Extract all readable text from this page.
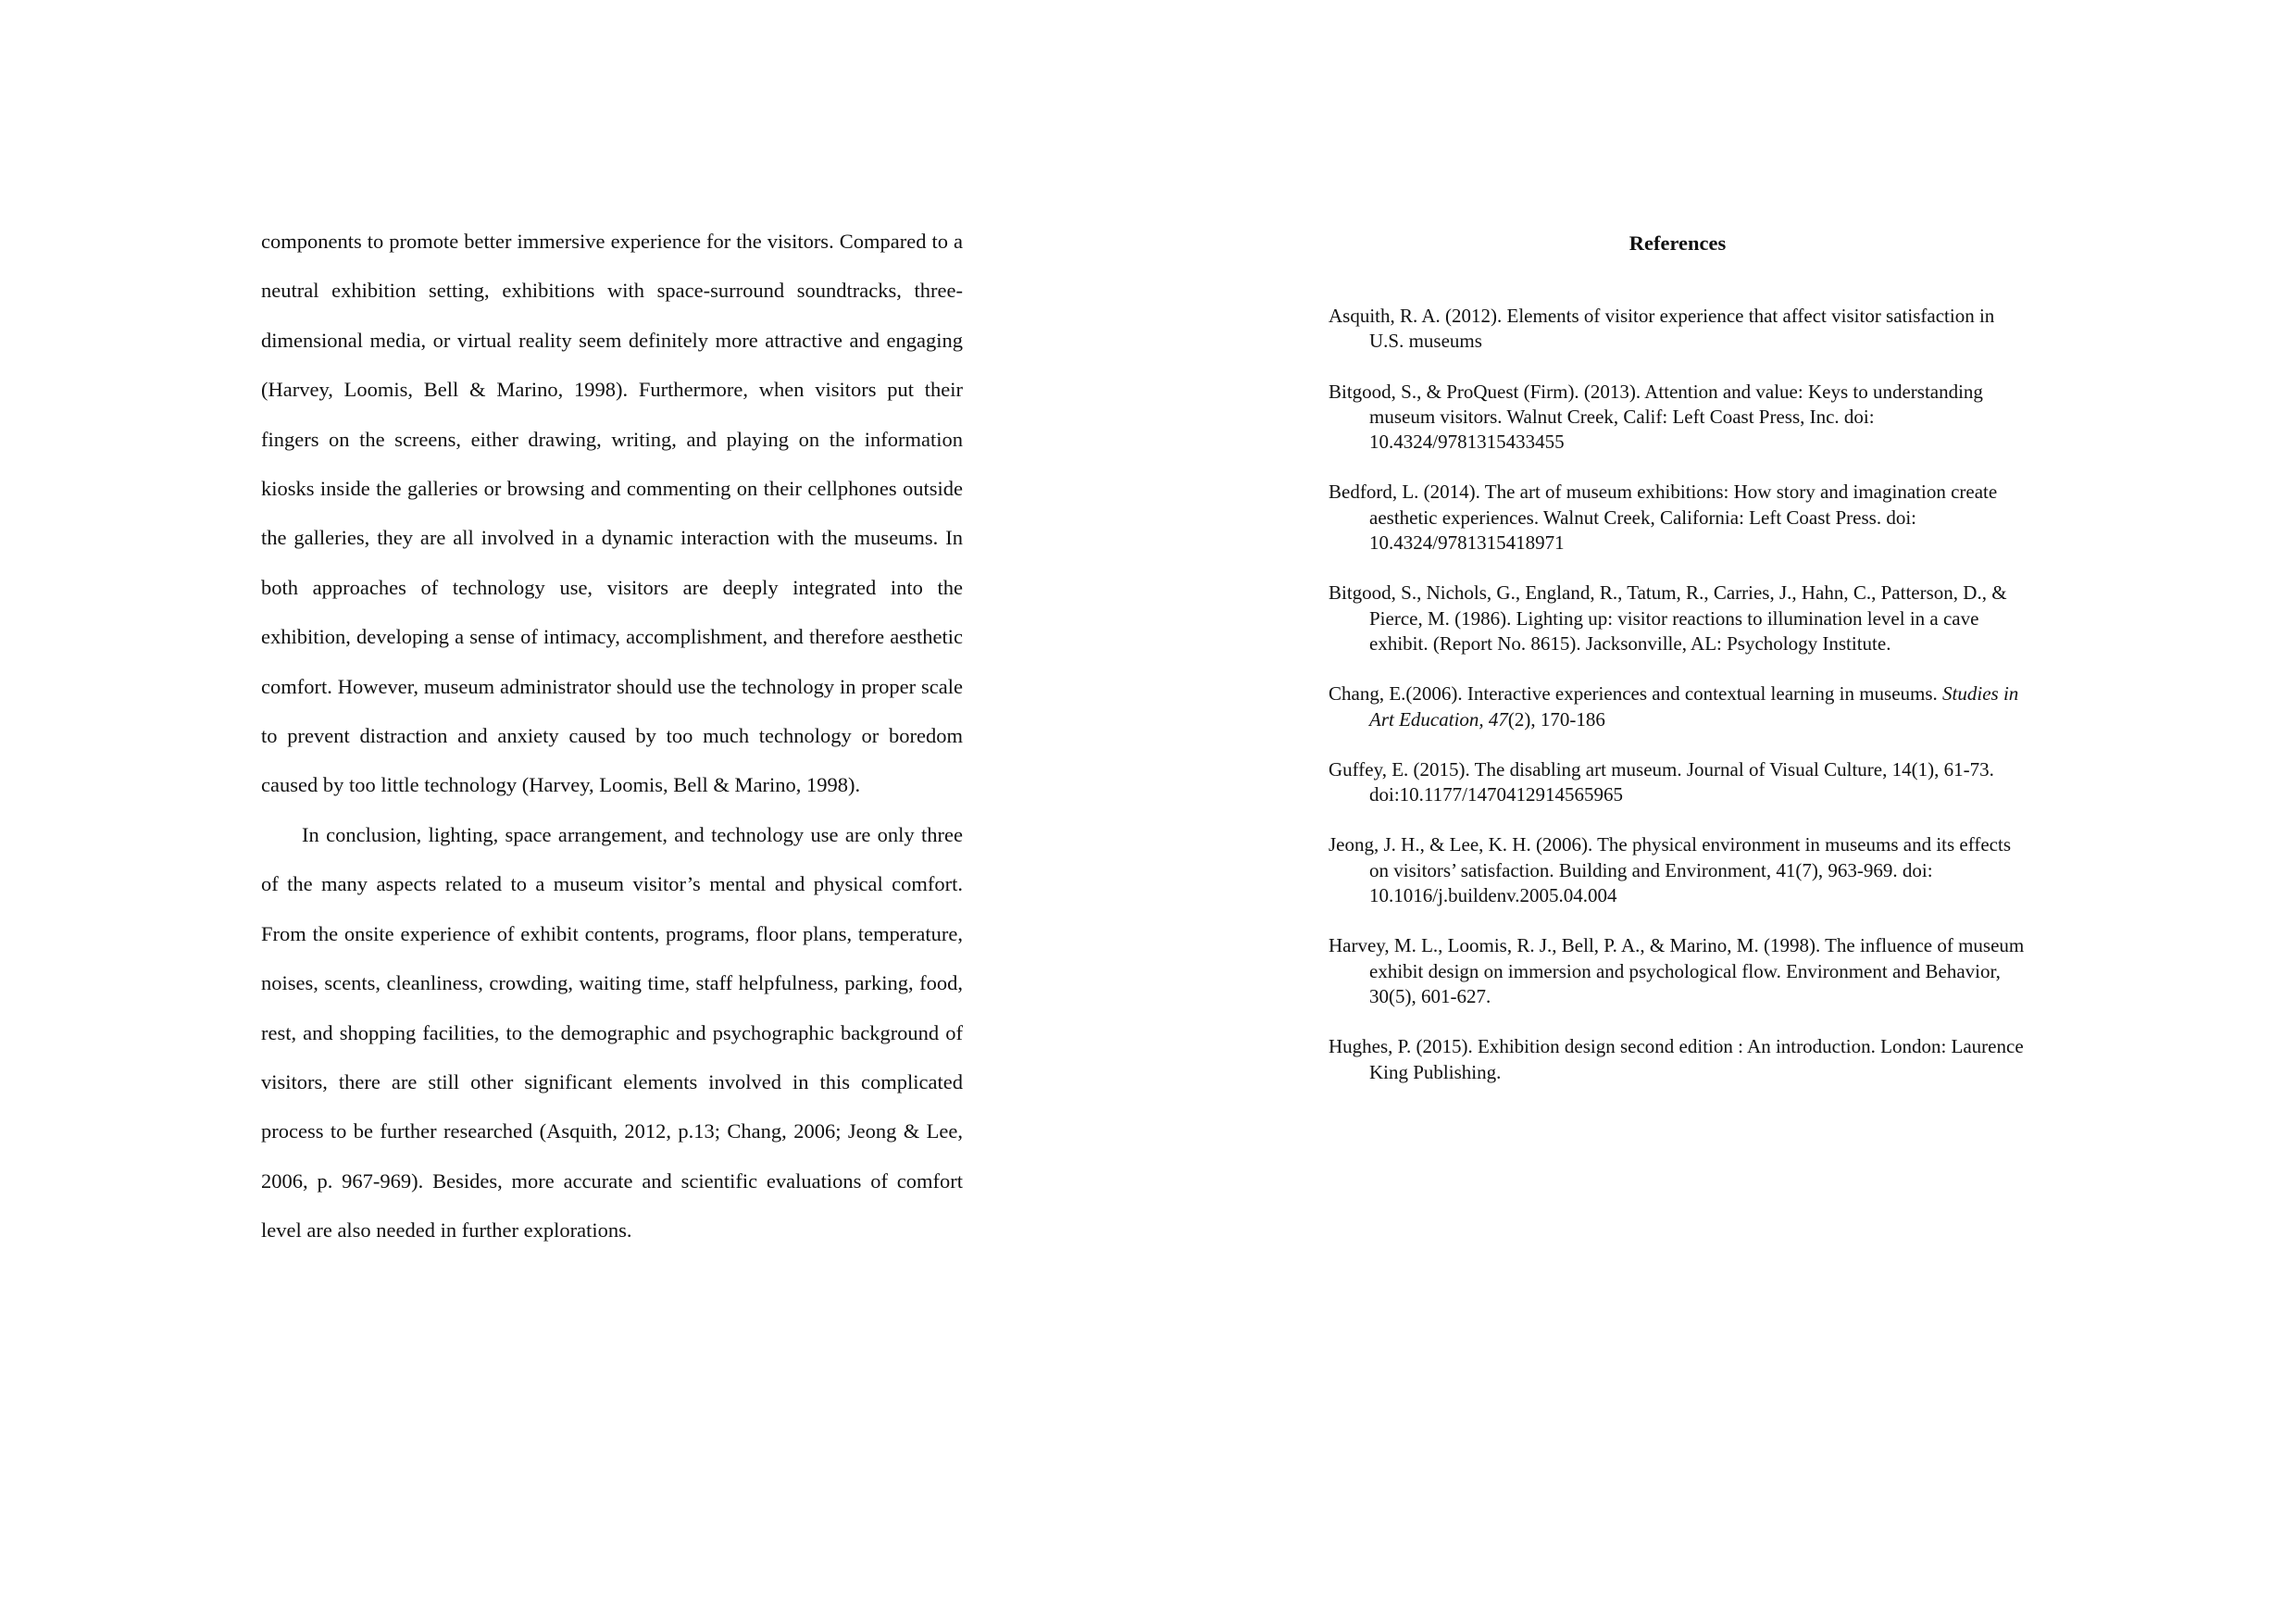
components to promote better immersive experience for the visitors. Compared to a neutral exhibition setting, exhibitions with space-surround soundtracks, three-dimensional media, or virtual reality seem definitely more attractive and engaging (Harvey, Loomis, Bell & Marino, 1998). Furthermore, when visitors put their fingers on the screens, either drawing, writing, and playing on the information kiosks inside the galleries or browsing and commenting on their cellphones outside the galleries, they are all involved in a dynamic interaction with the museums. In both approaches of technology use, visitors are deeply integrated into the exhibition, developing a sense of intimacy, accomplishment, and therefore aesthetic comfort. However, museum administrator should use the technology in proper scale to prevent distraction and anxiety caused by too much technology or boredom caused by too little technology (Harvey, Loomis, Bell & Marino, 1998).

In conclusion, lighting, space arrangement, and technology use are only three of the many aspects related to a museum visitor’s mental and physical comfort. From the onsite experience of exhibit contents, programs, floor plans, temperature, noises, scents, cleanliness, crowding, waiting time, staff helpfulness, parking, food, rest, and shopping facilities, to the demographic and psychographic background of visitors, there are still other significant elements involved in this complicated process to be further researched (Asquith, 2012, p.13; Chang, 2006; Jeong & Lee, 2006, p. 967-969). Besides, more accurate and scientific evaluations of comfort level are also needed in further explorations.

References
Asquith, R. A. (2012). Elements of visitor experience that affect visitor satisfaction in U.S. museums
Bitgood, S., & ProQuest (Firm). (2013). Attention and value: Keys to understanding museum visitors. Walnut Creek, Calif: Left Coast Press, Inc. doi: 10.4324/9781315433455
Bedford, L. (2014). The art of museum exhibitions: How story and imagination create aesthetic experiences. Walnut Creek, California: Left Coast Press. doi: 10.4324/9781315418971
Bitgood, S., Nichols, G., England, R., Tatum, R., Carries, J., Hahn, C., Patterson, D., & Pierce, M. (1986). Lighting up: visitor reactions to illumination level in a cave exhibit. (Report No. 8615). Jacksonville, AL: Psychology Institute.
Chang, E.(2006). Interactive experiences and contextual learning in museums. Studies in Art Education, 47(2), 170-186
Guffey, E. (2015). The disabling art museum. Journal of Visual Culture, 14(1), 61-73. doi:10.1177/1470412914565965
Jeong, J. H., & Lee, K. H. (2006). The physical environment in museums and its effects on visitors’ satisfaction. Building and Environment, 41(7), 963-969. doi: 10.1016/j.buildenv.2005.04.004
Harvey, M. L., Loomis, R. J., Bell, P. A., & Marino, M. (1998). The influence of museum exhibit design on immersion and psychological flow. Environment and Behavior, 30(5), 601-627.
Hughes, P. (2015). Exhibition design second edition : An introduction. London: Laurence King Publishing.
